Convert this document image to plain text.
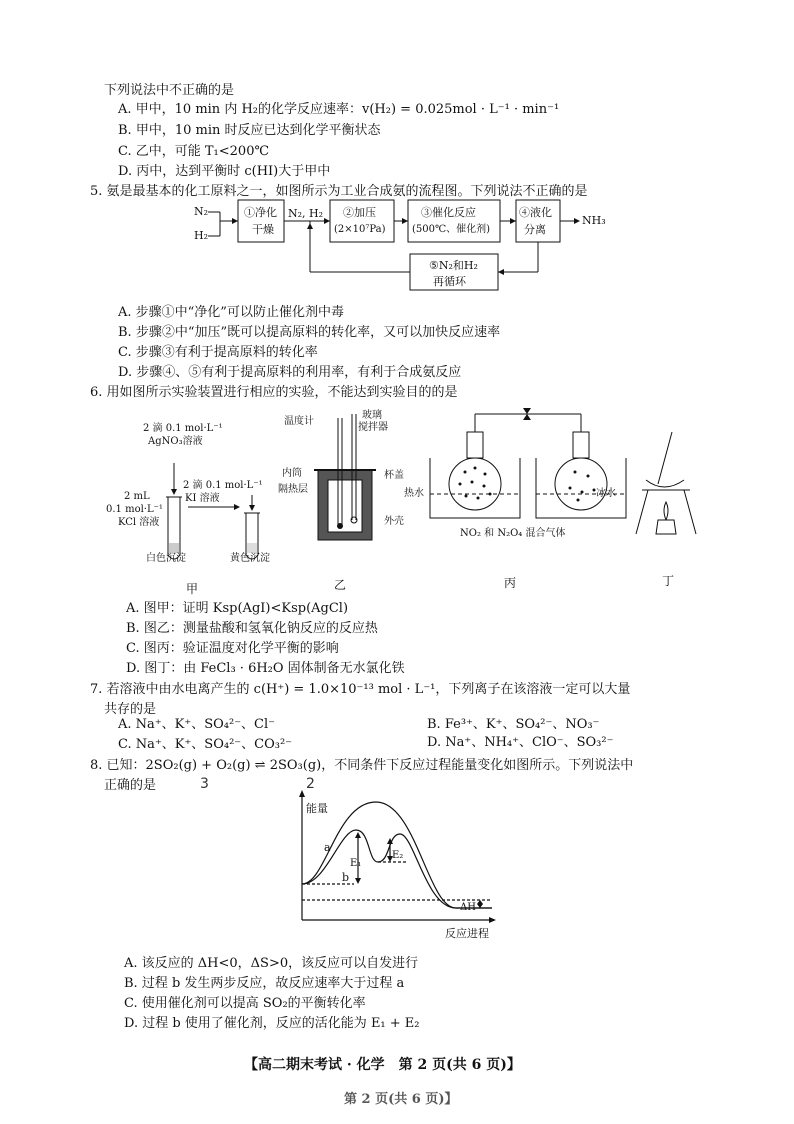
下列说法中不正确的是
A. 甲中，10 min 内 H₂的化学反应速率：v(H₂) = 0.025mol · L⁻¹ · min⁻¹
B. 甲中，10 min 时反应已达到化学平衡状态
C. 乙中，可能 T₁<200℃
D. 丙中，达到平衡时 c(HI)大于甲中
5. 氨是最基本的化工原料之一，如图所示为工业合成氨的流程图。下列说法不正确的是
N₂
H₂
①净化
干燥
N₂, H₂ ②加压
(2×10⁷Pa)
③催化反应
(500℃、催化剂)
④液化
分离
NH₃
⑤N₂和H₂
再循环
A. 步骤①中“净化”可以防止催化剂中毒
B. 步骤②中“加压”既可以提高原料的转化率，又可以加快反应速率
C. 步骤③有利于提高原料的转化率
D. 步骤④、⑤有利于提高原料的利用率，有利于合成氨反应
6. 用如图所示实验装置进行相应的实验，不能达到实验目的的是
2 滴 0.1 mol·L⁻¹
AgNO₃溶液
2 滴 0.1 mol·L⁻¹
KI 溶液
2 mL
0.1 mol·L⁻¹
KCl 溶液
白色沉淀	黄色沉淀
甲
温度计
玻璃
搅拌器
内筒	杯盖
隔热层
外壳
乙
热水	冰水
NO₂ 和 N₂O₄ 混合气体
丙	丁
A. 图甲：证明 Ksp(AgI)<Ksp(AgCl)
B. 图乙：测量盐酸和氢氧化钠反应的反应热
C. 图丙：验证温度对化学平衡的影响
D. 图丁：由 FeCl₃ · 6H₂O 固体制备无水氯化铁
7. 若溶液中由水电离产生的 c(H⁺) = 1.0×10⁻¹³ mol · L⁻¹，下列离子在该溶液一定可以大量
共存的是
A. Na⁺、K⁺、SO₄²⁻、Cl⁻	B. Fe³⁺、K⁺、SO₄²⁻、NO₃⁻
C. Na⁺、K⁺、SO₄²⁻、CO₃²⁻	D. Na⁺、NH₄⁺、ClO⁻、SO₃²⁻
8. 已知：2SO₂(g) + O₂(g) ⇌ 2SO₃(g)，不同条件下反应过程能量变化如图所示。下列说法中
正确的是	3	2
能量
反应进程
a
b
E₁
E₂
ΔH
A. 该反应的 ΔH<0，ΔS>0，该反应可以自发进行
B. 过程 b 发生两步反应，故反应速率大于过程 a
C. 使用催化剂可以提高 SO₂的平衡转化率
D. 过程 b 使用了催化剂，反应的活化能为 E₁ + E₂
【高二期末考试 · 化学　第 2 页(共 6 页)】
第 2 页(共 6 页)】
